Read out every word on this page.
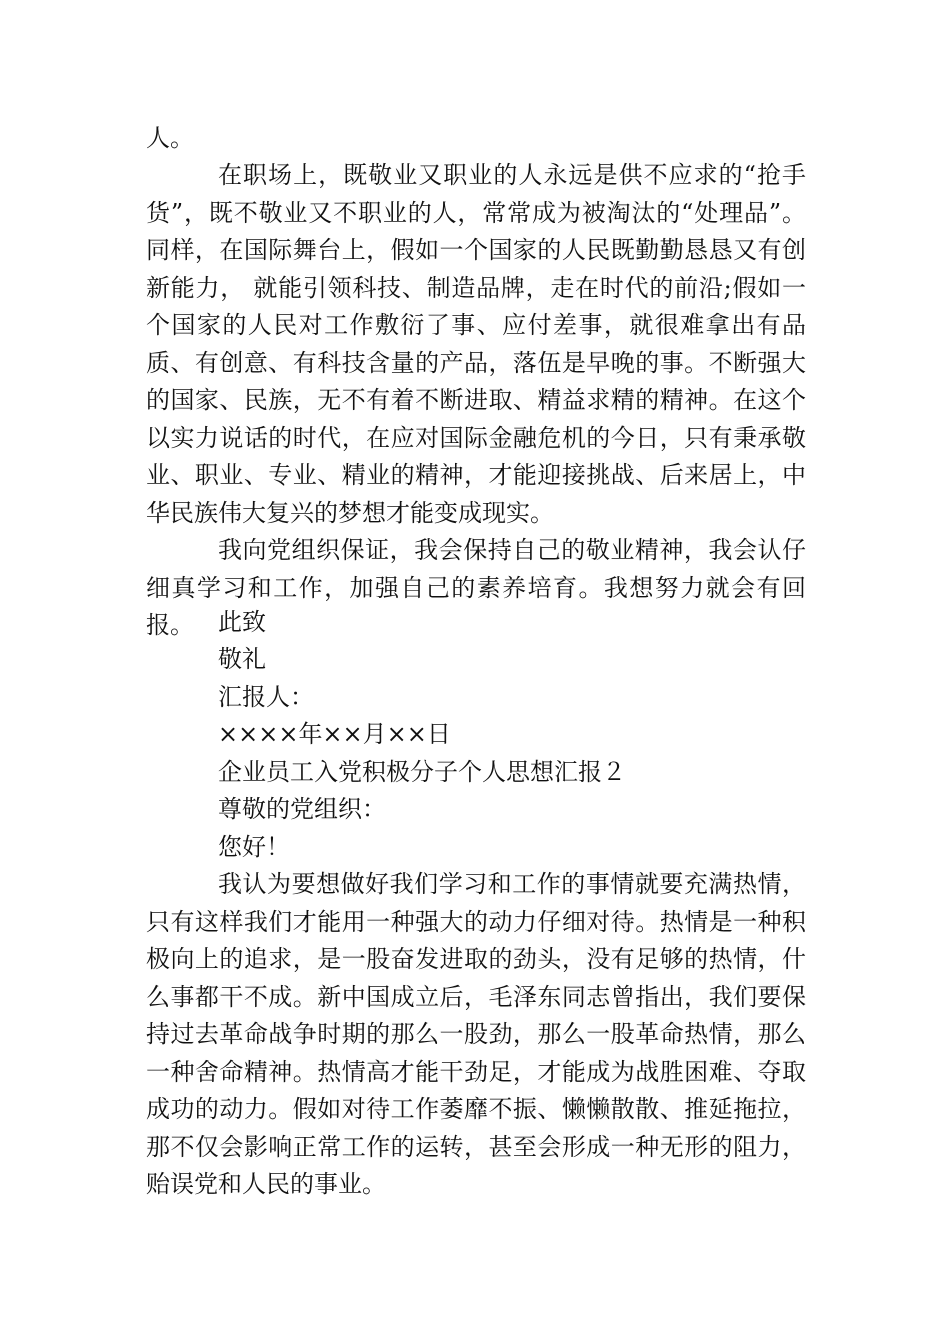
人。

在职场上，既敬业又职业的人永远是供不应求的“抢手货”，既不敬业又不职业的人，常常成为被淘汰的“处理品”。同样，在国际舞台上，假如一个国家的人民既勤勤恳恳又有创新能力， 就能引领科技、制造品牌，走在时代的前沿;假如一个国家的人民对工作敷衍了事、应付差事，就很难拿出有品质、有创意、有科技含量的产品，落伍是早晚的事。不断强大的国家、民族，无不有着不断进取、精益求精的精神。在这个以实力说话的时代，在应对国际金融危机的今日，只有秉承敬业、职业、专业、精业的精神，才能迎接挑战、后来居上，中华民族伟大复兴的梦想才能变成现实。

我向党组织保证，我会保持自己的敬业精神，我会认仔细真学习和工作，加强自己的素养培育。我想努力就会有回报。	此致
敬礼
汇报人：
××××年××月××日
企业员工入党积极分子个人思想汇报２
尊敬的党组织：
您好！

我认为要想做好我们学习和工作的事情就要充满热情，只有这样我们才能用一种强大的动力仔细对待。热情是一种积极向上的追求，是一股奋发进取的劲头，没有足够的热情，什么事都干不成。新中国成立后，毛泽东同志曾指出，我们要保持过去革命战争时期的那么一股劲，那么一股革命热情，那么一种舍命精神。热情高才能干劲足，才能成为战胜困难、夺取成功的动力。假如对待工作萎靡不振、懒懒散散、推延拖拉，那不仅会影响正常工作的运转，甚至会形成一种无形的阻力，贻误党和人民的事业。
